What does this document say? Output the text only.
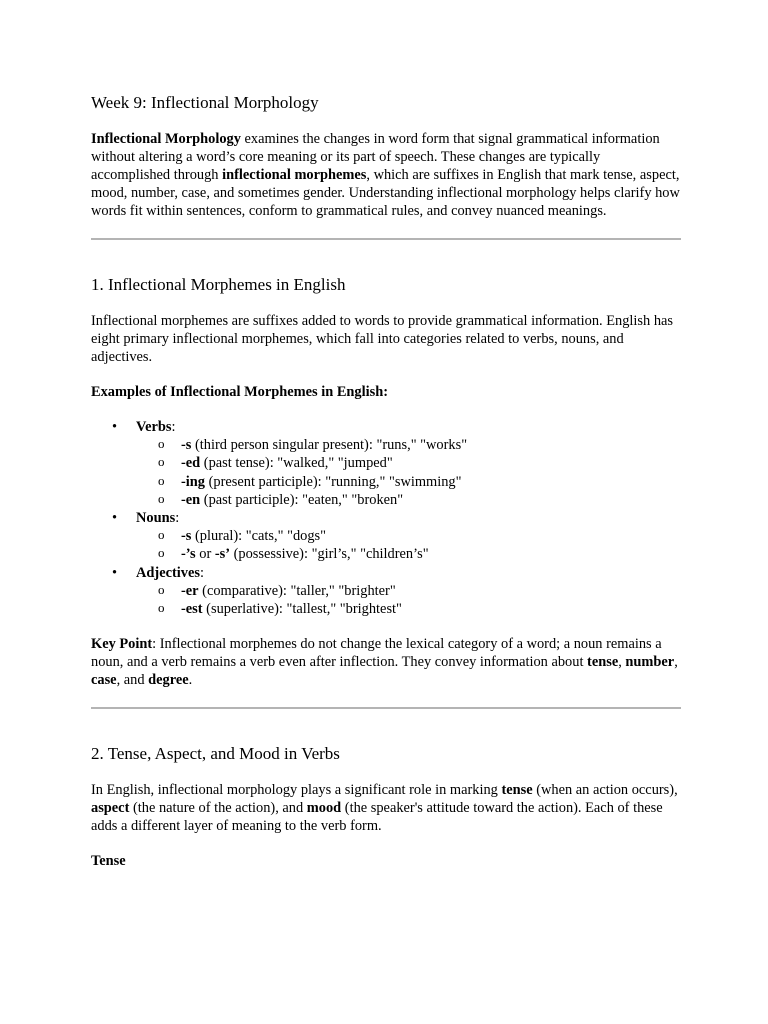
Week 9: Inflectional Morphology

Inflectional Morphology examines the changes in word form that signal grammatical information without altering a word’s core meaning or its part of speech. These changes are typically accomplished through inflectional morphemes, which are suffixes in English that mark tense, aspect, mood, number, case, and sometimes gender. Understanding inflectional morphology helps clarify how words fit within sentences, conform to grammatical rules, and convey nuanced meanings.

1. Inflectional Morphemes in English

Inflectional morphemes are suffixes added to words to provide grammatical information. English has eight primary inflectional morphemes, which fall into categories related to verbs, nouns, and adjectives.

Examples of Inflectional Morphemes in English:

• Verbs:
o -s (third person singular present): "runs," "works"
o -ed (past tense): "walked," "jumped"
o -ing (present participle): "running," "swimming"
o -en (past participle): "eaten," "broken"
• Nouns:
o -s (plural): "cats," "dogs"
o -’s or -s’ (possessive): "girl’s," "children’s"
• Adjectives:
o -er (comparative): "taller," "brighter"
o -est (superlative): "tallest," "brightest"

Key Point: Inflectional morphemes do not change the lexical category of a word; a noun remains a noun, and a verb remains a verb even after inflection. They convey information about tense, number, case, and degree.

2. Tense, Aspect, and Mood in Verbs

In English, inflectional morphology plays a significant role in marking tense (when an action occurs), aspect (the nature of the action), and mood (the speaker's attitude toward the action). Each of these adds a different layer of meaning to the verb form.

Tense
